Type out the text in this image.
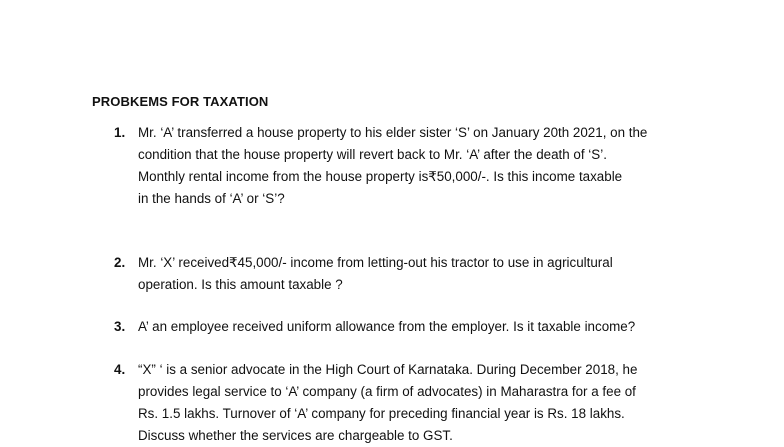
PROBKEMS FOR TAXATION
1. Mr. ‘A’ transferred a house property to his elder sister ‘S’ on January 20th 2021, on the
condition that the house property will revert back to Mr. ‘A’ after the death of ‘S’.
Monthly rental income from the house property is₹50,000/-. Is this income taxable
in the hands of ‘A’ or ‘S’?
2. Mr. ‘X’ received₹45,000/- income from letting-out his tractor to use in agricultural
operation. Is this amount taxable ?
3. A’ an employee received uniform allowance from the employer. Is it taxable income?
4. “X” ‘ is a senior advocate in the High Court of Karnataka. During December 2018, he
provides legal service to ‘A’ company (a firm of advocates) in Maharastra for a fee of
Rs. 1.5 lakhs. Turnover of ‘A’ company for preceding financial year is Rs. 18 lakhs.
Discuss whether the services are chargeable to GST.
